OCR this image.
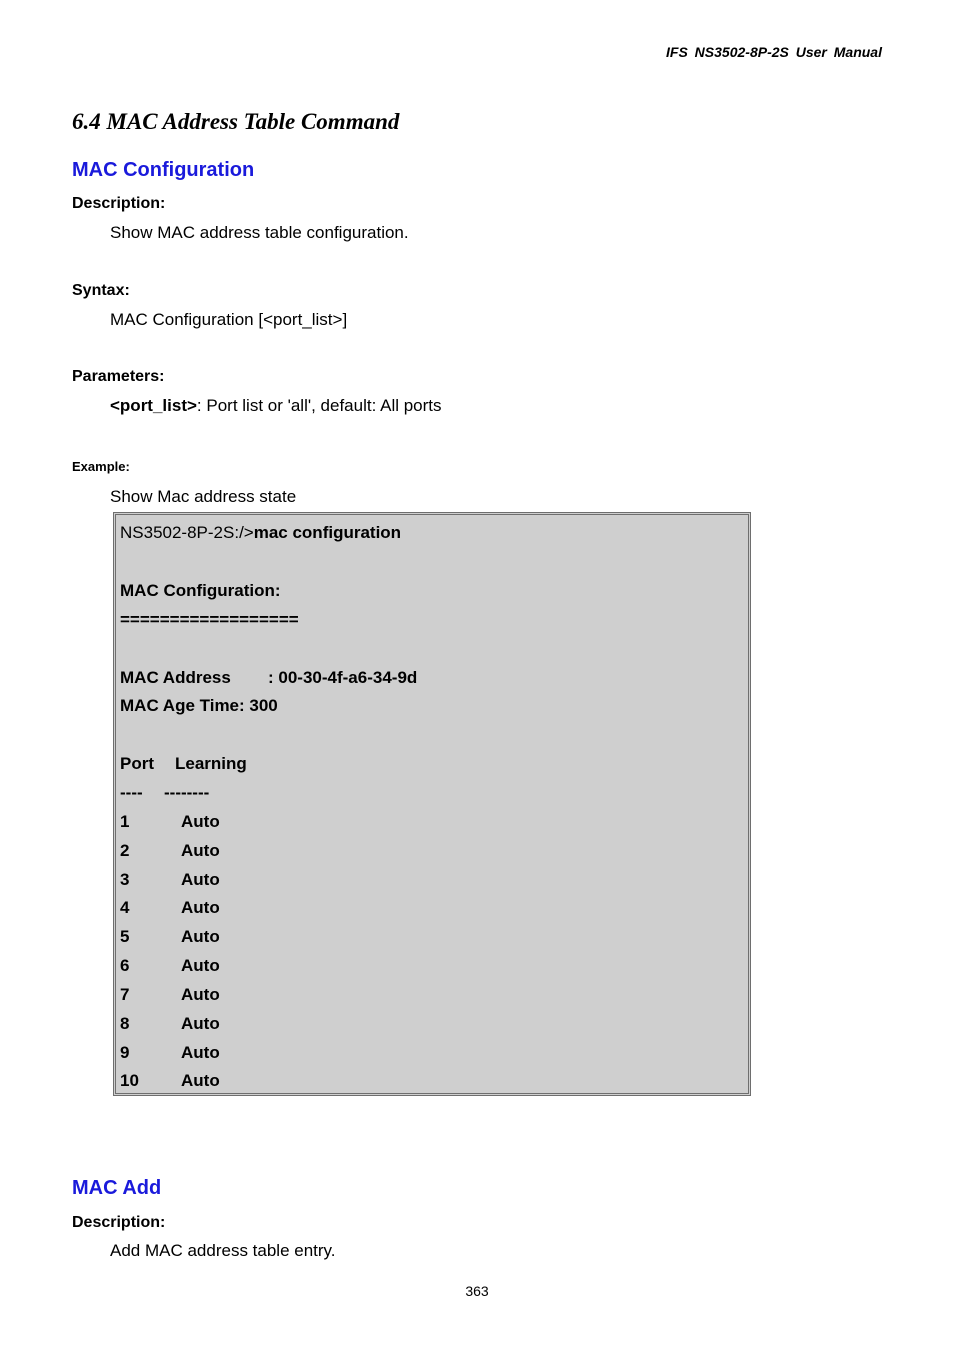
IFS NS3502-8P-2S User Manual
6.4 MAC Address Table Command
MAC Configuration
Description:
Show MAC address table configuration.
Syntax:
MAC Configuration [<port_list>]
Parameters:
<port_list>: Port list or 'all', default: All ports
Example:
Show Mac address state
NS3502-8P-2S:/>mac configuration
MAC Configuration:
==================
MAC Address : 00-30-4f-a6-34-9d
MAC Age Time: 300
Port Learning
---- --------
1	Auto
2	Auto
3	Auto
4	Auto
5	Auto
6	Auto
7	Auto
8	Auto
9	Auto
10 Auto
MAC Add
Description:
Add MAC address table entry.
363
